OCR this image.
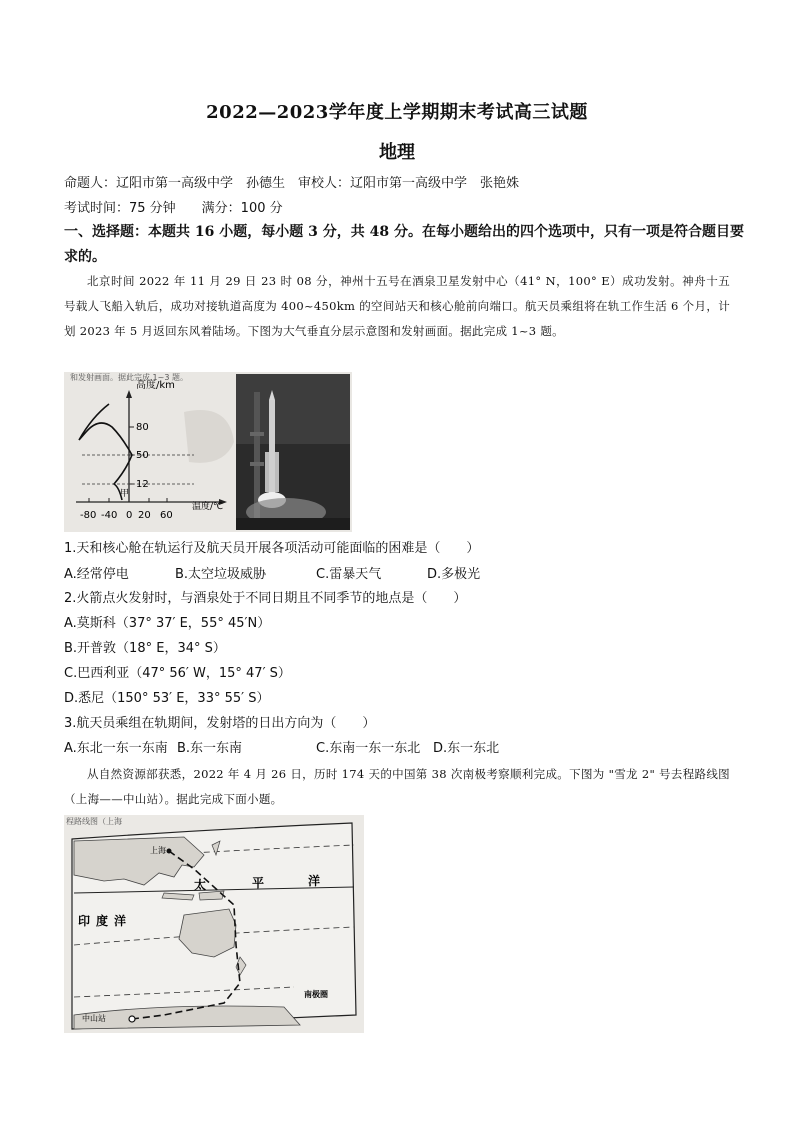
2022—2023学年度上学期期末考试高三试题
地理
命题人：辽阳市第一高级中学　孙德生　审校人：辽阳市第一高级中学　张艳姝
考试时间：75 分钟　　满分：100 分
一、选择题：本题共 16 小题，每小题 3 分，共 48 分。在每小题给出的四个选项中，只有一项是符合题目要求的。
北京时间 2022 年 11 月 29 日 23 时 08 分，神州十五号在酒泉卫星发射中心（41° N，100° E）成功发射。神舟十五号载人飞船入轨后，成功对接轨道高度为 400~450km 的空间站天和核心舱前向端口。航天员乘组将在轨工作生活 6 个月，计划 2023 年 5 月返回东风着陆场。下图为大气垂直分层示意图和发射画面。据此完成 1~3 题。
和发射画面。据此完成 1~3 题。
高度/km
80
50
12
甲
-80 -40 0 20 60
温度/℃
1.天和核心舱在轨运行及航天员开展各项活动可能面临的困难是（　　）
A.经常停电	B.太空垃圾威胁	C.雷暴天气	D.多极光
2.火箭点火发射时，与酒泉处于不同日期且不同季节的地点是（　　）
A.莫斯科（37° 37′ E，55° 45′N）
B.开普敦（18° E，34° S）
C.巴西利亚（47° 56′ W，15° 47′ S）
D.悉尼（150° 53′ E，33° 55′ S）
3.航天员乘组在轨期间，发射塔的日出方向为（　　）
A.东北一东一东南 B.东一东南	C.东南一东一东北 D.东一东北
从自然资源部获悉，2022 年 4 月 26 日，历时 174 天的中国第 38 次南极考察顺利完成。下图为 "雪龙 2" 号去程路线图（上海——中山站）。据此完成下面小题。
程路线图（上海
上海
太	平	洋
印 度 洋
中山站
南极圈
